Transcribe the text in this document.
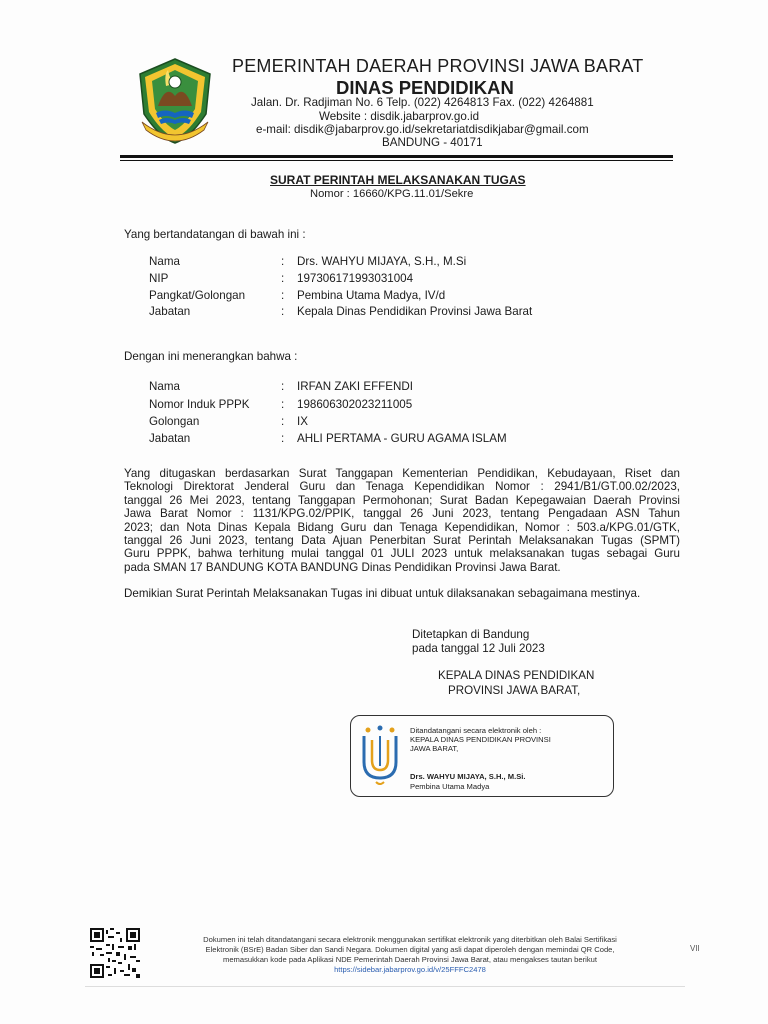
PEMERINTAH DAERAH PROVINSI JAWA BARAT
DINAS PENDIDIKAN
Jalan. Dr. Radjiman No. 6 Telp. (022) 4264813 Fax. (022) 4264881
Website : disdik.jabarprov.go.id
e-mail: disdik@jabarprov.go.id/sekretariatdisdikjabar@gmail.com
BANDUNG - 40171
SURAT PERINTAH MELAKSANAKAN TUGAS
Nomor : 16660/KPG.11.01/Sekre
Yang bertandatangan di bawah ini :
Nama	: Drs. WAHYU MIJAYA, S.H., M.Si
NIP	: 197306171993031004
Pangkat/Golongan	: Pembina Utama Madya, IV/d
Jabatan	: Kepala Dinas Pendidikan Provinsi Jawa Barat
Dengan ini menerangkan bahwa :
Nama	: IRFAN ZAKI EFFENDI
Nomor Induk PPPK	: 198606302023211005
Golongan	: IX
Jabatan	: AHLI PERTAMA - GURU AGAMA ISLAM
Yang ditugaskan berdasarkan Surat Tanggapan Kementerian Pendidikan, Kebudayaan, Riset dan
Teknologi Direktorat Jenderal Guru dan Tenaga Kependidikan Nomor : 2941/B1/GT.00.02/2023,
tanggal 26 Mei 2023, tentang Tanggapan Permohonan; Surat Badan Kepegawaian Daerah Provinsi
Jawa Barat Nomor : 1131/KPG.02/PPIK, tanggal 26 Juni 2023, tentang Pengadaan ASN Tahun
2023; dan Nota Dinas Kepala Bidang Guru dan Tenaga Kependidikan, Nomor : 503.a/KPG.01/GTK,
tanggal 26 Juni 2023, tentang Data Ajuan Penerbitan Surat Perintah Melaksanakan Tugas (SPMT)
Guru PPPK, bahwa terhitung mulai tanggal 01 JULI 2023 untuk melaksanakan tugas sebagai Guru
pada SMAN 17 BANDUNG KOTA BANDUNG Dinas Pendidikan Provinsi Jawa Barat.
Demikian Surat Perintah Melaksanakan Tugas ini dibuat untuk dilaksanakan sebagaimana mestinya.
Ditetapkan di Bandung
pada tanggal 12 Juli 2023
KEPALA DINAS PENDIDIKAN
PROVINSI JAWA BARAT,
Ditandatangani secara elektronik oleh :
KEPALA DINAS PENDIDIKAN PROVINSI
JAWA BARAT,
Drs. WAHYU MIJAYA, S.H., M.Si.
Pembina Utama Madya
Dokumen ini telah ditandatangani secara elektronik menggunakan sertifikat elektronik yang diterbitkan oleh Balai Sertifikasi
Elektronik (BSrE) Badan Siber dan Sandi Negara. Dokumen digital yang asli dapat diperoleh dengan memindai QR Code,
memasukkan kode pada Aplikasi NDE Pemerintah Daerah Provinsi Jawa Barat, atau mengakses tautan berikut
https://sidebar.jabarprov.go.id/v/25FFFC2478
VII
